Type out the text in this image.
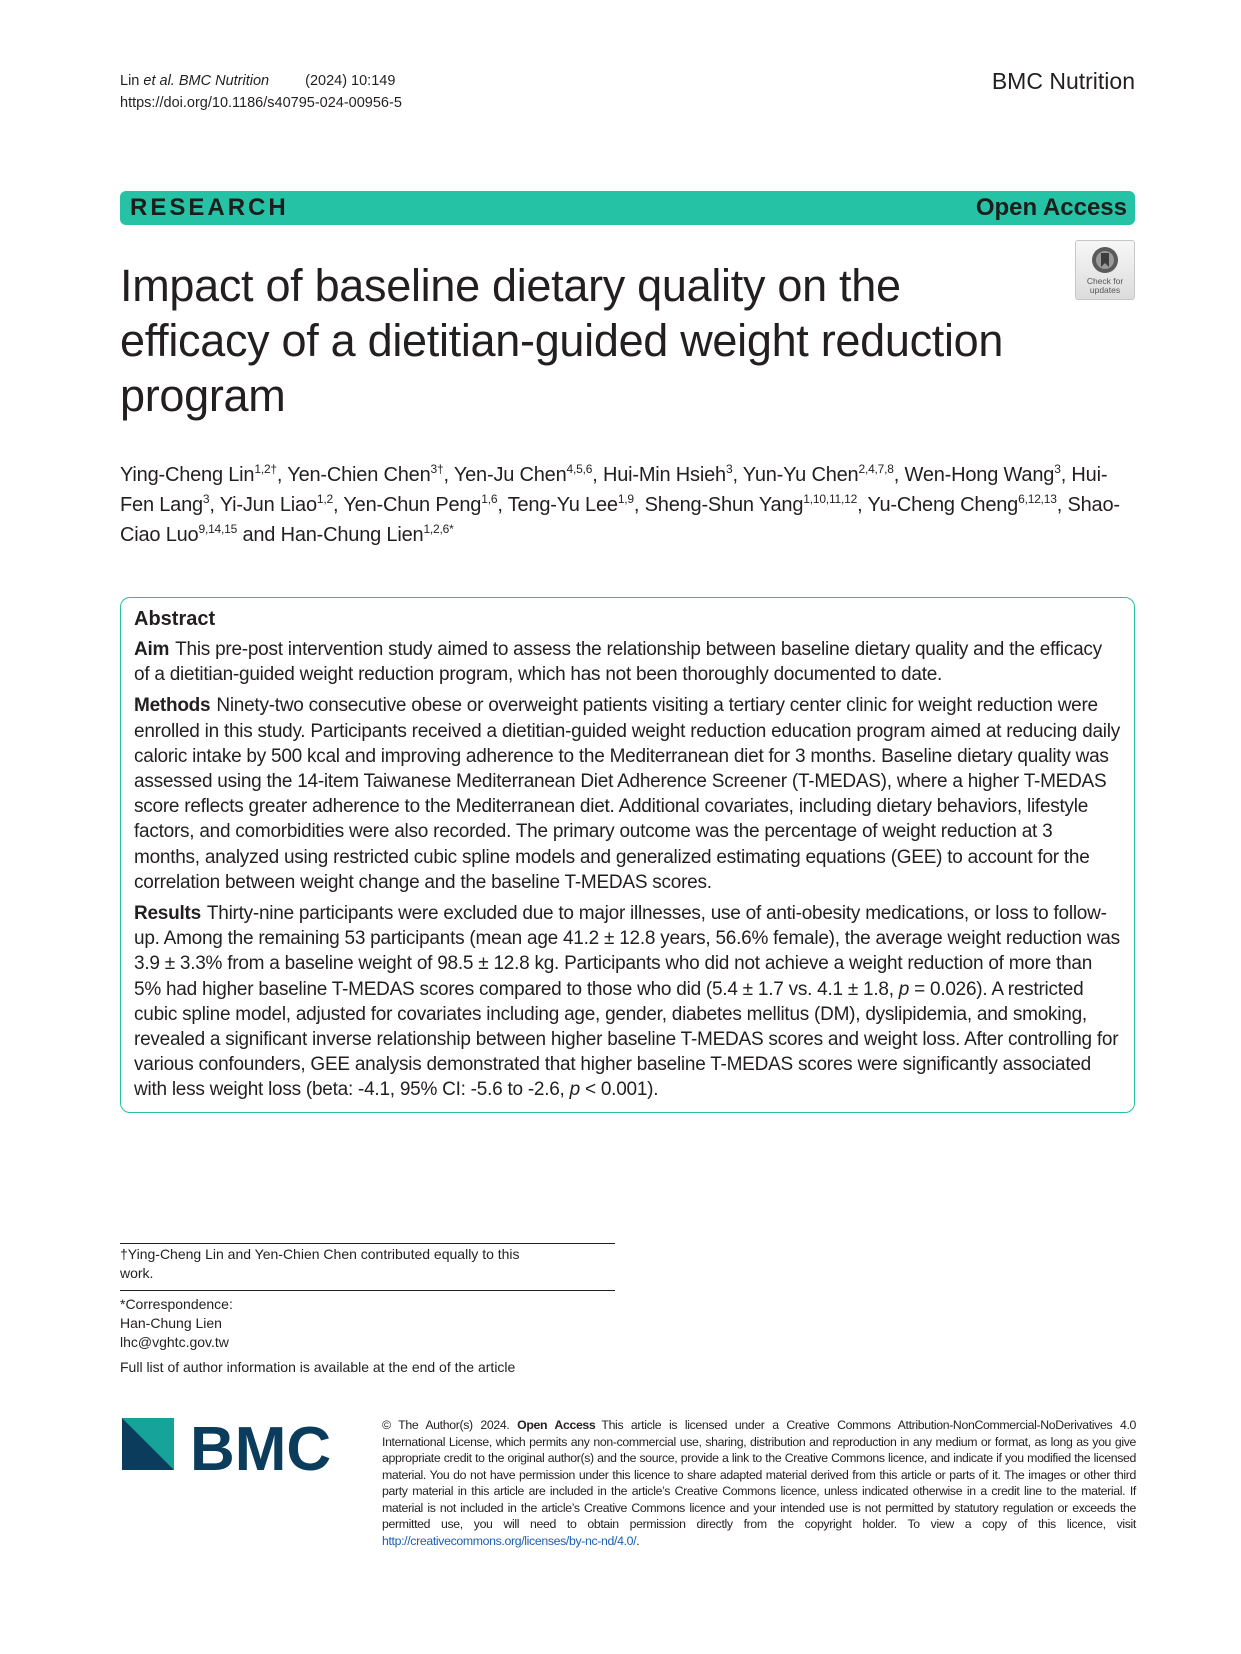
Lin et al. BMC Nutrition (2024) 10:149
https://doi.org/10.1186/s40795-024-00956-5
BMC Nutrition
RESEARCH	Open Access
Check for
updates
Impact of baseline dietary quality on the efficacy of a dietitian-guided weight reduction program
Ying-Cheng Lin$^{1,2\dagger}$, Yen-Chien Chen$^{3\dagger}$, Yen-Ju Chen$^{4,5,6}$, Hui-Min Hsieh$^3$, Yun-Yu Chen$^{2,4,7,8}$, Wen-Hong Wang$^3$, Hui-Fen Lang$^3$, Yi-Jun Liao$^{1,2}$, Yen-Chun Peng$^{1,6}$, Teng-Yu Lee$^{1,9}$, Sheng-Shun Yang$^{1,10,11,12}$, Yu-Cheng Cheng$^{6,12,13}$, Shao-Ciao Luo$^{9,14,15}$ and Han-Chung Lien$^{1,2,6*}$
Abstract

Aim This pre-post intervention study aimed to assess the relationship between baseline dietary quality and the efficacy of a dietitian-guided weight reduction program, which has not been thoroughly documented to date.

Methods Ninety-two consecutive obese or overweight patients visiting a tertiary center clinic for weight reduction were enrolled in this study. Participants received a dietitian-guided weight reduction education program aimed at reducing daily caloric intake by 500 kcal and improving adherence to the Mediterranean diet for 3 months. Baseline dietary quality was assessed using the 14-item Taiwanese Mediterranean Diet Adherence Screener (T-MEDAS), where a higher T-MEDAS score reflects greater adherence to the Mediterranean diet. Additional covariates, including dietary behaviors, lifestyle factors, and comorbidities were also recorded. The primary outcome was the percentage of weight reduction at 3 months, analyzed using restricted cubic spline models and generalized estimating equations (GEE) to account for the correlation between weight change and the baseline T-MEDAS scores.

Results Thirty-nine participants were excluded due to major illnesses, use of anti-obesity medications, or loss to follow-up. Among the remaining 53 participants (mean age 41.2 ± 12.8 years, 56.6% female), the average weight reduction was 3.9 ± 3.3% from a baseline weight of 98.5 ± 12.8 kg. Participants who did not achieve a weight reduction of more than 5% had higher baseline T-MEDAS scores compared to those who did (5.4 ± 1.7 vs. 4.1 ± 1.8, p = 0.026). A restricted cubic spline model, adjusted for covariates including age, gender, diabetes mellitus (DM), dyslipidemia, and smoking, revealed a significant inverse relationship between higher baseline T-MEDAS scores and weight loss. After controlling for various confounders, GEE analysis demonstrated that higher baseline T-MEDAS scores were significantly associated with less weight loss (beta: -4.1, 95% CI: -5.6 to -2.6, p < 0.001).

†Ying-Cheng Lin and Yen-Chien Chen contributed equally to this work.
*Correspondence:
Han-Chung Lien
lhc@vghtc.gov.tw
Full list of author information is available at the end of the article
BMC	© The Author(s) 2024. Open Access This article is licensed under a Creative Commons Attribution-NonCommercial-NoDerivatives 4.0 International License, which permits any non-commercial use, sharing, distribution and reproduction in any medium or format, as long as you give appropriate credit to the original author(s) and the source, provide a link to the Creative Commons licence, and indicate if you modified the licensed material. You do not have permission under this licence to share adapted material derived from this article or parts of it. The images or other third party material in this article are included in the article’s Creative Commons licence, unless indicated otherwise in a credit line to the material. If material is not included in the article’s Creative Commons licence and your intended use is not permitted by statutory regulation or exceeds the permitted use, you will need to obtain permission directly from the copyright holder. To view a copy of this licence, visit http://creativecommons.org/licenses/by-nc-nd/4.0/.
